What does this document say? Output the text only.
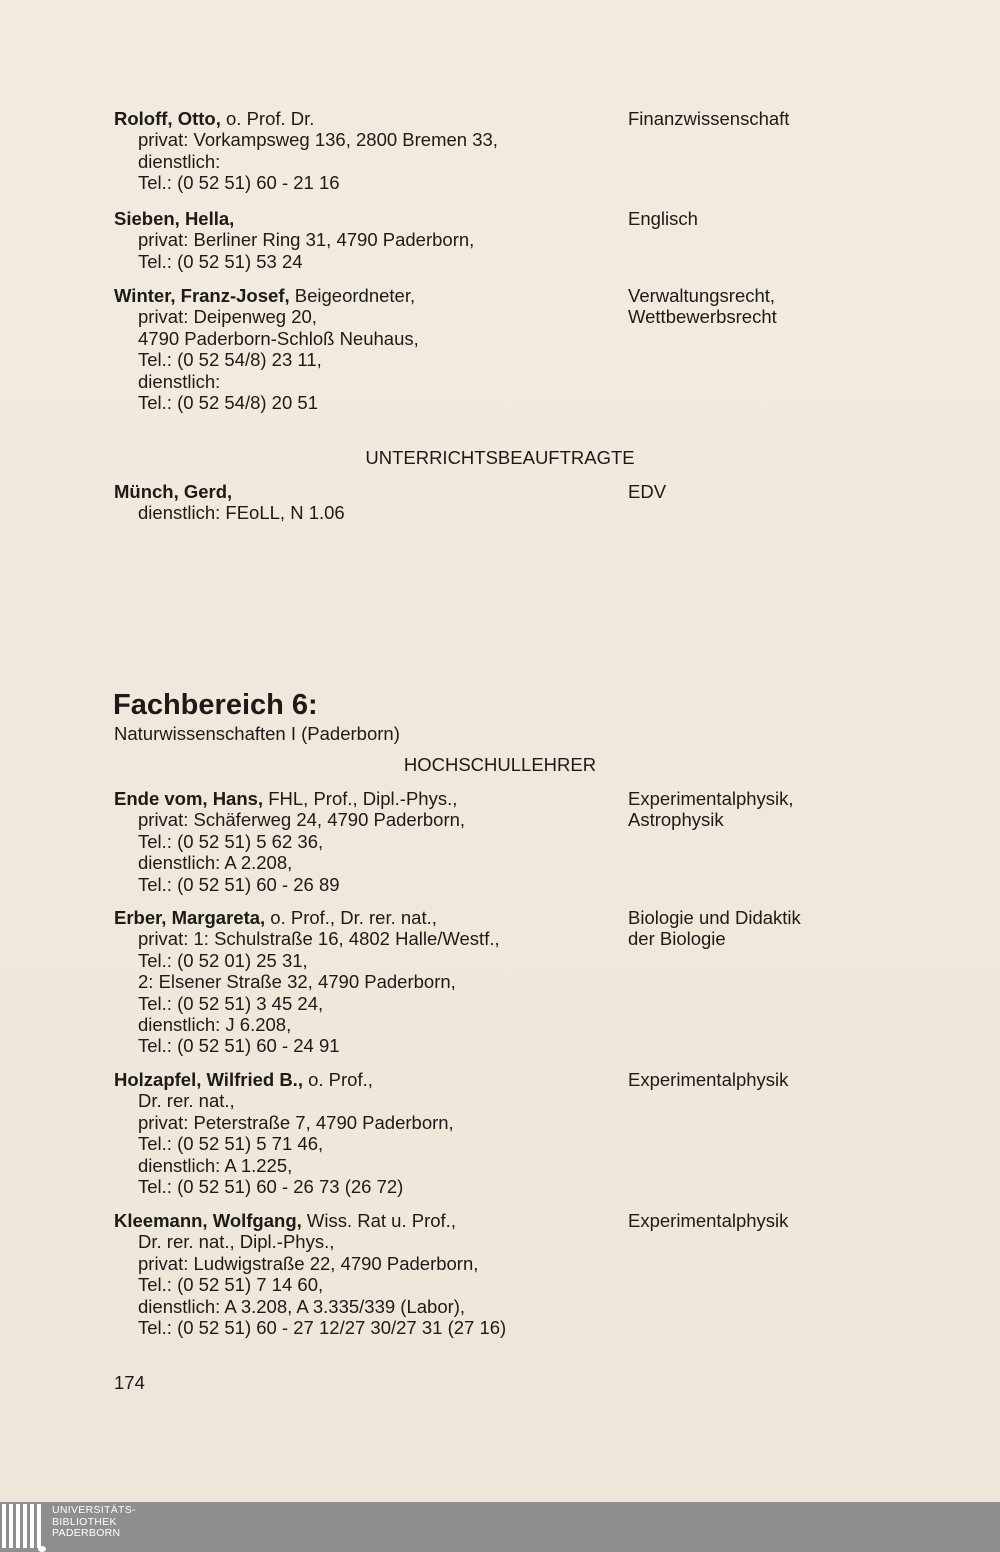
Roloff, Otto, o. Prof. Dr.
privat: Vorkampsweg 136, 2800 Bremen 33,
dienstlich:
Tel.: (0 52 51) 60 - 21 16
Finanzwissenschaft
Sieben, Hella,
privat: Berliner Ring 31, 4790 Paderborn,
Tel.: (0 52 51) 53 24
Englisch
Winter, Franz-Josef, Beigeordneter,
privat: Deipenweg 20,
4790 Paderborn-Schloß Neuhaus,
Tel.: (0 52 54/8) 23 11,
dienstlich:
Tel.: (0 52 54/8) 20 51
Verwaltungsrecht,
Wettbewerbsrecht
UNTERRICHTSBEAUFTRAGTE
Münch, Gerd,
dienstlich: FEoLL, N 1.06
EDV
Fachbereich 6:
Naturwissenschaften I (Paderborn)
HOCHSCHULLEHRER
Ende vom, Hans, FHL, Prof., Dipl.-Phys.,
privat: Schäferweg 24, 4790 Paderborn,
Tel.: (0 52 51) 5 62 36,
dienstlich: A 2.208,
Tel.: (0 52 51) 60 - 26 89
Experimentalphysik,
Astrophysik
Erber, Margareta, o. Prof., Dr. rer. nat.,
privat: 1: Schulstraße 16, 4802 Halle/Westf.,
Tel.: (0 52 01) 25 31,
2: Elsener Straße 32, 4790 Paderborn,
Tel.: (0 52 51) 3 45 24,
dienstlich: J 6.208,
Tel.: (0 52 51) 60 - 24 91
Biologie und Didaktik
der Biologie
Holzapfel, Wilfried B., o. Prof.,
Dr. rer. nat.,
privat: Peterstraße 7, 4790 Paderborn,
Tel.: (0 52 51) 5 71 46,
dienstlich: A 1.225,
Tel.: (0 52 51) 60 - 26 73 (26 72)
Experimentalphysik
Kleemann, Wolfgang, Wiss. Rat u. Prof.,
Dr. rer. nat., Dipl.-Phys.,
privat: Ludwigstraße 22, 4790 Paderborn,
Tel.: (0 52 51) 7 14 60,
dienstlich: A 3.208, A 3.335/339 (Labor),
Tel.: (0 52 51) 60 - 27 12/27 30/27 31 (27 16)
Experimentalphysik
174
UNIVERSITÄTS-
BIBLIOTHEK
PADERBORN
